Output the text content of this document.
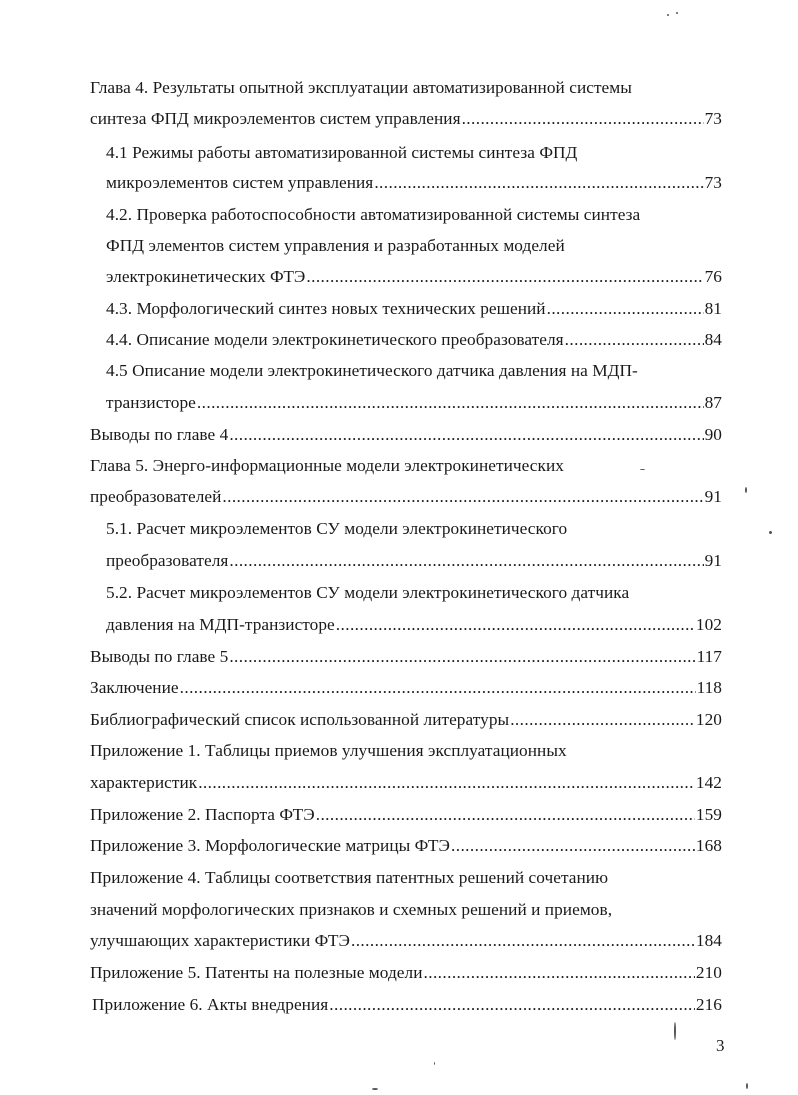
Глава 4. Результаты опытной эксплуатации автоматизированной системы
синтеза ФПД микроэлементов систем управления .....	73
4.1 Режимы работы автоматизированной системы синтеза ФПД
микроэлементов систем управления .....	73
4.2. Проверка работоспособности автоматизированной системы синтеза
ФПД элементов систем управления и разработанных моделей
электрокинетических ФТЭ .....	76
4.3. Морфологический синтез новых технических решений .....	81
4.4. Описание модели электрокинетического преобразователя .....	84
4.5 Описание модели электрокинетического датчика давления на МДП-
транзисторе .....	87
Выводы по главе 4 .....	90
Глава 5. Энерго-информационные модели электрокинетических
преобразователей .....	91
5.1. Расчет микроэлементов СУ модели электрокинетического
преобразователя .....	91
5.2. Расчет микроэлементов СУ модели электрокинетического датчика
давления на МДП-транзисторе .....	102
Выводы по главе 5 .....	117
Заключение .....	118
Библиографический список использованной литературы .....	120
Приложение 1. Таблицы приемов улучшения эксплуатационных
характеристик .....	142
Приложение 2. Паспорта ФТЭ .....	159
Приложение 3. Морфологические матрицы ФТЭ .....	168
Приложение 4. Таблицы соответствия патентных решений сочетанию
значений морфологических признаков и схемных решений и приемов,
улучшающих характеристики ФТЭ .....	184
Приложение 5. Патенты на полезные модели .....	210
Приложение 6. Акты внедрения .....	216
3
